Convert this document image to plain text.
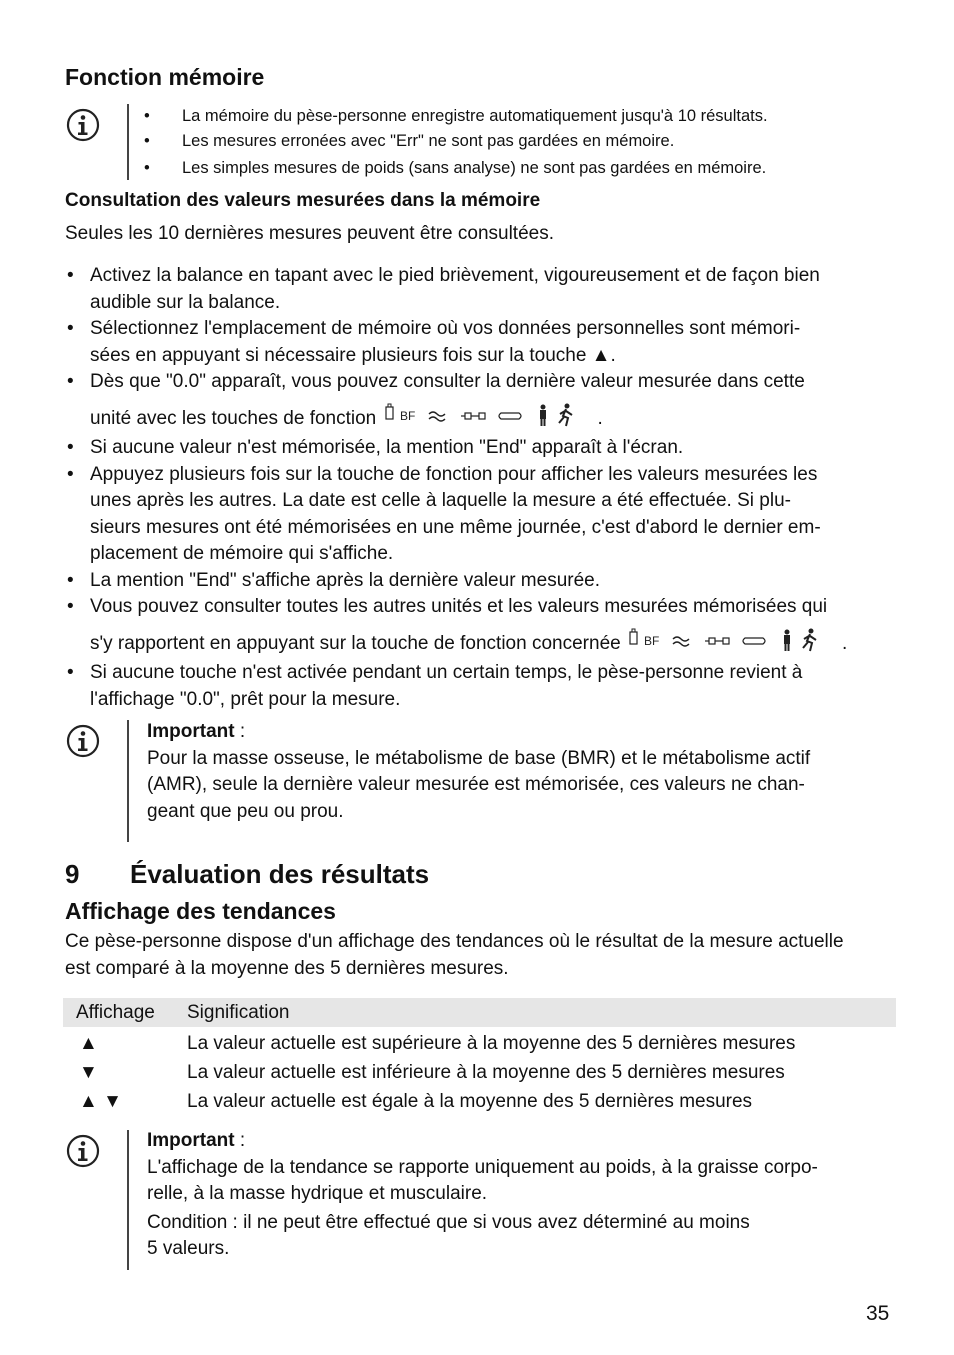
Fonction mémoire
• La mémoire du pèse-personne enregistre automatiquement jusqu'à 10 résultats.
• Les mesures erronées avec "Err" ne sont pas gardées en mémoire.
• Les simples mesures de poids (sans analyse) ne sont pas gardées en mémoire.
Consultation des valeurs mesurées dans la mémoire
Seules les 10 dernières mesures peuvent être consultées.
• Activez la balance en tapant avec le pied brièvement, vigoureusement et de façon bien
audible sur la balance.
• Sélectionnez l'emplacement de mémoire où vos données personnelles sont mémori-
sées en appuyant si nécessaire plusieurs fois sur la touche ▲.
• Dès que "0.0" apparaît, vous pouvez consulter la dernière valeur mesurée dans cette
unité avec les touches de fonction BF	.
• Si aucune valeur n'est mémorisée, la mention "End" apparaît à l'écran.
• Appuyez plusieurs fois sur la touche de fonction pour afficher les valeurs mesurées les
unes après les autres. La date est celle à laquelle la mesure a été effectuée. Si plu-
sieurs mesures ont été mémorisées en une même journée, c'est d'abord le dernier em-
placement de mémoire qui s'affiche.
• La mention "End" s'affiche après la dernière valeur mesurée.
• Vous pouvez consulter toutes les autres unités et les valeurs mesurées mémorisées qui
s'y rapportent en appuyant sur la touche de fonction concernée BF	.
• Si aucune touche n'est activée pendant un certain temps, le pèse-personne revient à
l'affichage "0.0", prêt pour la mesure.
Important :
Pour la masse osseuse, le métabolisme de base (BMR) et le métabolisme actif
(AMR), seule la dernière valeur mesurée est mémorisée, ces valeurs ne chan-
geant que peu ou prou.
9 Évaluation des résultats
Affichage des tendances
Ce pèse-personne dispose d'un affichage des tendances où le résultat de la mesure actuelle
est comparé à la moyenne des 5 dernières mesures.
Affichage Signification
▲	La valeur actuelle est supérieure à la moyenne des 5 dernières mesures
▼	La valeur actuelle est inférieure à la moyenne des 5 dernières mesures
▲ ▼	La valeur actuelle est égale à la moyenne des 5 dernières mesures
Important :
L'affichage de la tendance se rapporte uniquement au poids, à la graisse corpo-
relle, à la masse hydrique et musculaire.
Condition : il ne peut être effectué que si vous avez déterminé au moins
5 valeurs.
35
